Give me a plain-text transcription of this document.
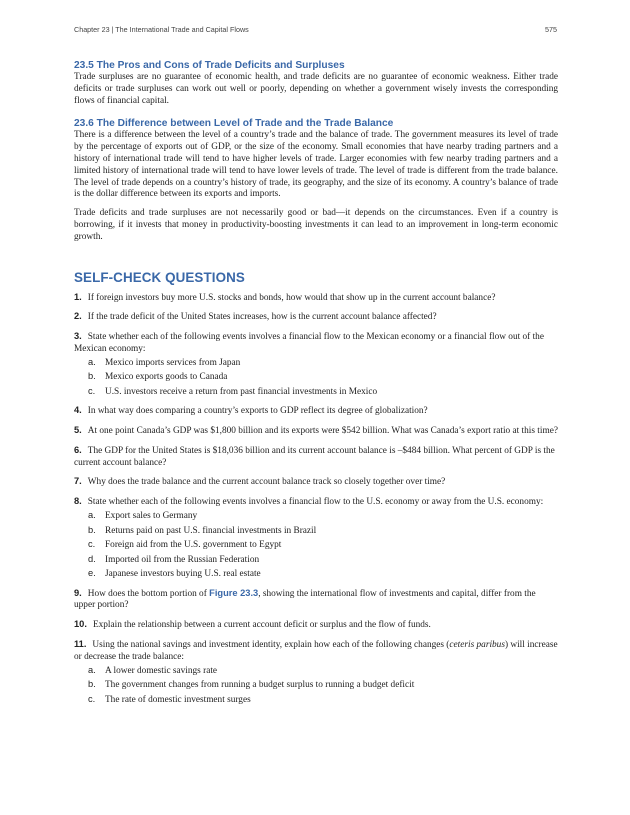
Chapter 23 | The International Trade and Capital Flows	575
23.5 The Pros and Cons of Trade Deficits and Surpluses

Trade surpluses are no guarantee of economic health, and trade deficits are no guarantee of economic weakness. Either trade deficits or trade surpluses can work out well or poorly, depending on whether a government wisely invests the corresponding flows of financial capital.

23.6 The Difference between Level of Trade and the Trade Balance

There is a difference between the level of a country’s trade and the balance of trade. The government measures its level of trade by the percentage of exports out of GDP, or the size of the economy. Small economies that have nearby trading partners and a history of international trade will tend to have higher levels of trade. Larger economies with few nearby trading partners and a limited history of international trade will tend to have lower levels of trade. The level of trade is different from the trade balance. The level of trade depends on a country’s history of trade, its geography, and the size of its economy. A country’s balance of trade is the dollar difference between its exports and imports.

Trade deficits and trade surpluses are not necessarily good or bad—it depends on the circumstances. Even if a country is borrowing, if it invests that money in productivity-boosting investments it can lead to an improvement in long-term economic growth.

SELF-CHECK QUESTIONS
1. If foreign investors buy more U.S. stocks and bonds, how would that show up in the current account balance?
2. If the trade deficit of the United States increases, how is the current account balance affected?
3. State whether each of the following events involves a financial flow to the Mexican economy or a financial flow out of the Mexican economy:
a. Mexico imports services from Japan
b. Mexico exports goods to Canada
c. U.S. investors receive a return from past financial investments in Mexico
4. In what way does comparing a country’s exports to GDP reflect its degree of globalization?
5. At one point Canada’s GDP was $1,800 billion and its exports were $542 billion. What was Canada’s export ratio at this time?
6. The GDP for the United States is $18,036 billion and its current account balance is –$484 billion. What percent of GDP is the current account balance?
7. Why does the trade balance and the current account balance track so closely together over time?
8. State whether each of the following events involves a financial flow to the U.S. economy or away from the U.S. economy:
a. Export sales to Germany
b. Returns paid on past U.S. financial investments in Brazil
c. Foreign aid from the U.S. government to Egypt
d. Imported oil from the Russian Federation
e. Japanese investors buying U.S. real estate
9. How does the bottom portion of Figure 23.3, showing the international flow of investments and capital, differ from the upper portion?
10. Explain the relationship between a current account deficit or surplus and the flow of funds.
11. Using the national savings and investment identity, explain how each of the following changes (ceteris paribus) will increase or decrease the trade balance:
a. A lower domestic savings rate
b. The government changes from running a budget surplus to running a budget deficit
c. The rate of domestic investment surges
